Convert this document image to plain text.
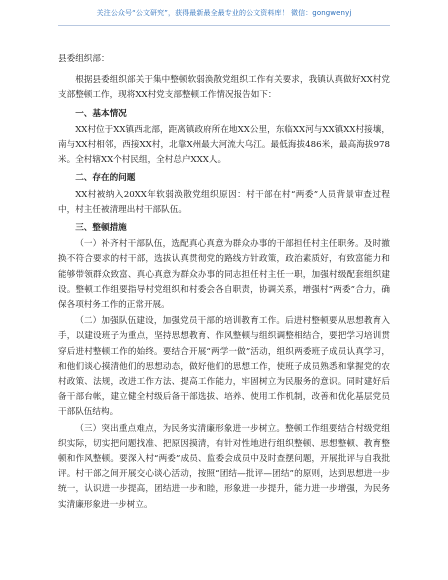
关注公众号“公文研究”，获得最新最全最专业的公文资料库！ 微信：gongwenyj

县委组织部：

根据县委组织部关于集中整顿软弱涣散党组织工作有关要求，我镇认真做好XX村党支部整顿工作，现将XX村党支部整顿工作情况报告如下：

一、基本情况

XX村位于XX镇西北部，距离镇政府所在地XX公里，东临XX河与XX镇XX村接壤，南与XX村相邻，西接XX村，北靠X州最大河流大乌江。最低海拔486米，最高海拔978米。全村辖XX个村民组，全村总户XXX人。

二、存在的问题

XX村被纳入20XX年软弱涣散党组织原因：村干部在村“两委”人员背景审查过程中，村主任被清理出村干部队伍。

三、整顿措施

（一）补齐村干部队伍，选配真心真意为群众办事的干部担任村主任职务。及时撤换不符合要求的村干部，选拔认真贯彻党的路线方针政策，政治素质好，有致富能力和能够带领群众致富、真心真意为群众办事的同志担任村主任一职，加强村级配套组织建设。整顿工作组要指导村党组织和村委会各自职责，协调关系，增强村“两委”合力，确保各项村务工作的正常开展。

（二）加强队伍建设，加强党员干部的培训教育工作。后进村整顿要从思想教育入手，以建设班子为重点，坚持思想教育、作风整顿与组织调整相结合，要把学习培训贯穿后进村整顿工作的始终。要结合开展“两学一做”活动，组织两委班子成员认真学习，和他们谈心摸清他们的思想动态，做好他们的思想工作，使班子成员熟悉和掌握党的农村政策、法规，改进工作方法、提高工作能力，牢固树立为民服务的意识。同时建好后备干部台帐，建立健全村级后备干部选拔、培养、使用工作机制，改善和优化基层党员干部队伍结构。

（三）突出重点难点，为民务实清廉形象进一步树立。整顿工作组要结合村级党组织实际，切实把问题找准、把原因摸清，有针对性地进行组织整顿、思想整顿、教育整顿和作风整顿。要深入村“两委”成员、监委会成员中及时查摆问题，开展批评与自我批评。村干部之间开展交心谈心活动，按照“团结—批评—团结”的原则，达到思想进一步统一，认识进一步提高，团结进一步和睦，形象进一步提升，能力进一步增强，为民务实清廉形象进一步树立。
